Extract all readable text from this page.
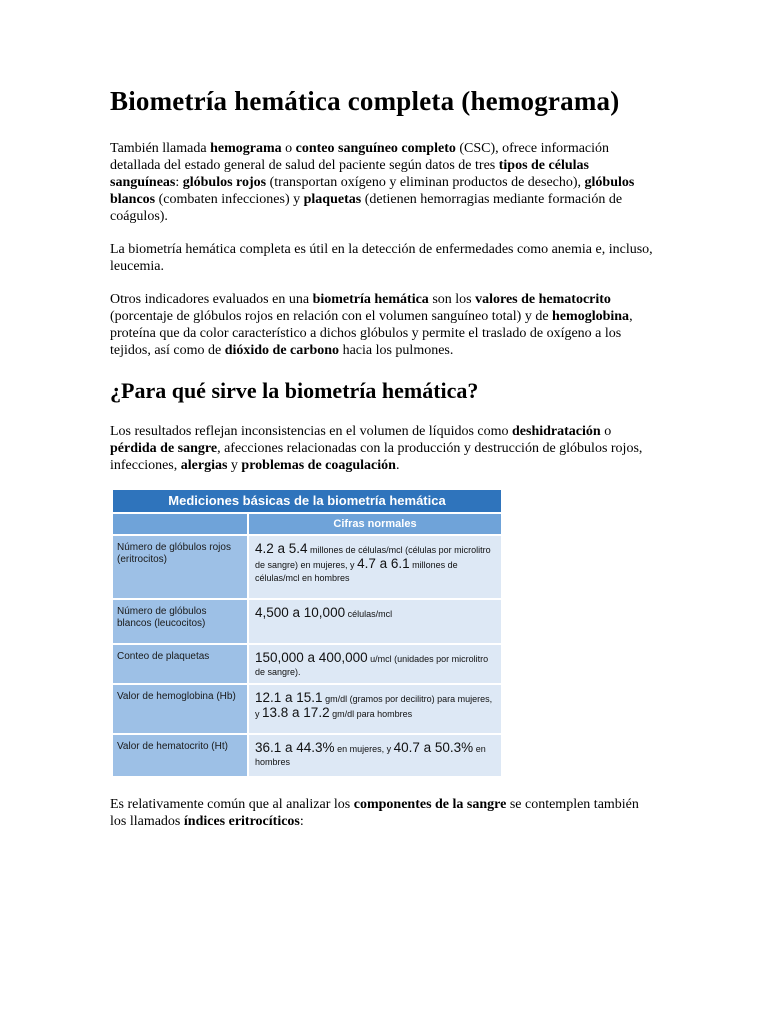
Biometría hemática completa (hemograma)

También llamada hemograma o conteo sanguíneo completo (CSC), ofrece información detallada del estado general de salud del paciente según datos de tres tipos de células sanguíneas: glóbulos rojos (transportan oxígeno y eliminan productos de desecho), glóbulos blancos (combaten infecciones) y plaquetas (detienen hemorragias mediante formación de coágulos).

La biometría hemática completa es útil en la detección de enfermedades como anemia e, incluso, leucemia.

Otros indicadores evaluados en una biometría hemática son los valores de hematocrito (porcentaje de glóbulos rojos en relación con el volumen sanguíneo total) y de hemoglobina, proteína que da color característico a dichos glóbulos y permite el traslado de oxígeno a los tejidos, así como de dióxido de carbono hacia los pulmones.

¿Para qué sirve la biometría hemática?

Los resultados reflejan inconsistencias en el volumen de líquidos como deshidratación o pérdida de sangre, afecciones relacionadas con la producción y destrucción de glóbulos rojos, infecciones, alergias y problemas de coagulación.

Mediciones básicas de la biometría hemática	
	Cifras normales
Número de glóbulos rojos (eritrocitos)	4.2 a 5.4 millones de células/mcl (células por microlitro de sangre) en mujeres, y 4.7 a 6.1 millones de células/mcl en hombres
Número de glóbulos blancos (leucocitos)	4,500 a 10,000 células/mcl
Conteo de plaquetas	150,000 a 400,000 u/mcl (unidades por microlitro de sangre).
Valor de hemoglobina (Hb)	12.1 a 15.1 gm/dl (gramos por decilitro) para mujeres, y 13.8 a 17.2 gm/dl para hombres
Valor de hematocrito (Ht)	36.1 a 44.3% en mujeres, y 40.7 a 50.3% en hombres

Es relativamente común que al analizar los componentes de la sangre se contemplen también los llamados índices eritrocíticos:
